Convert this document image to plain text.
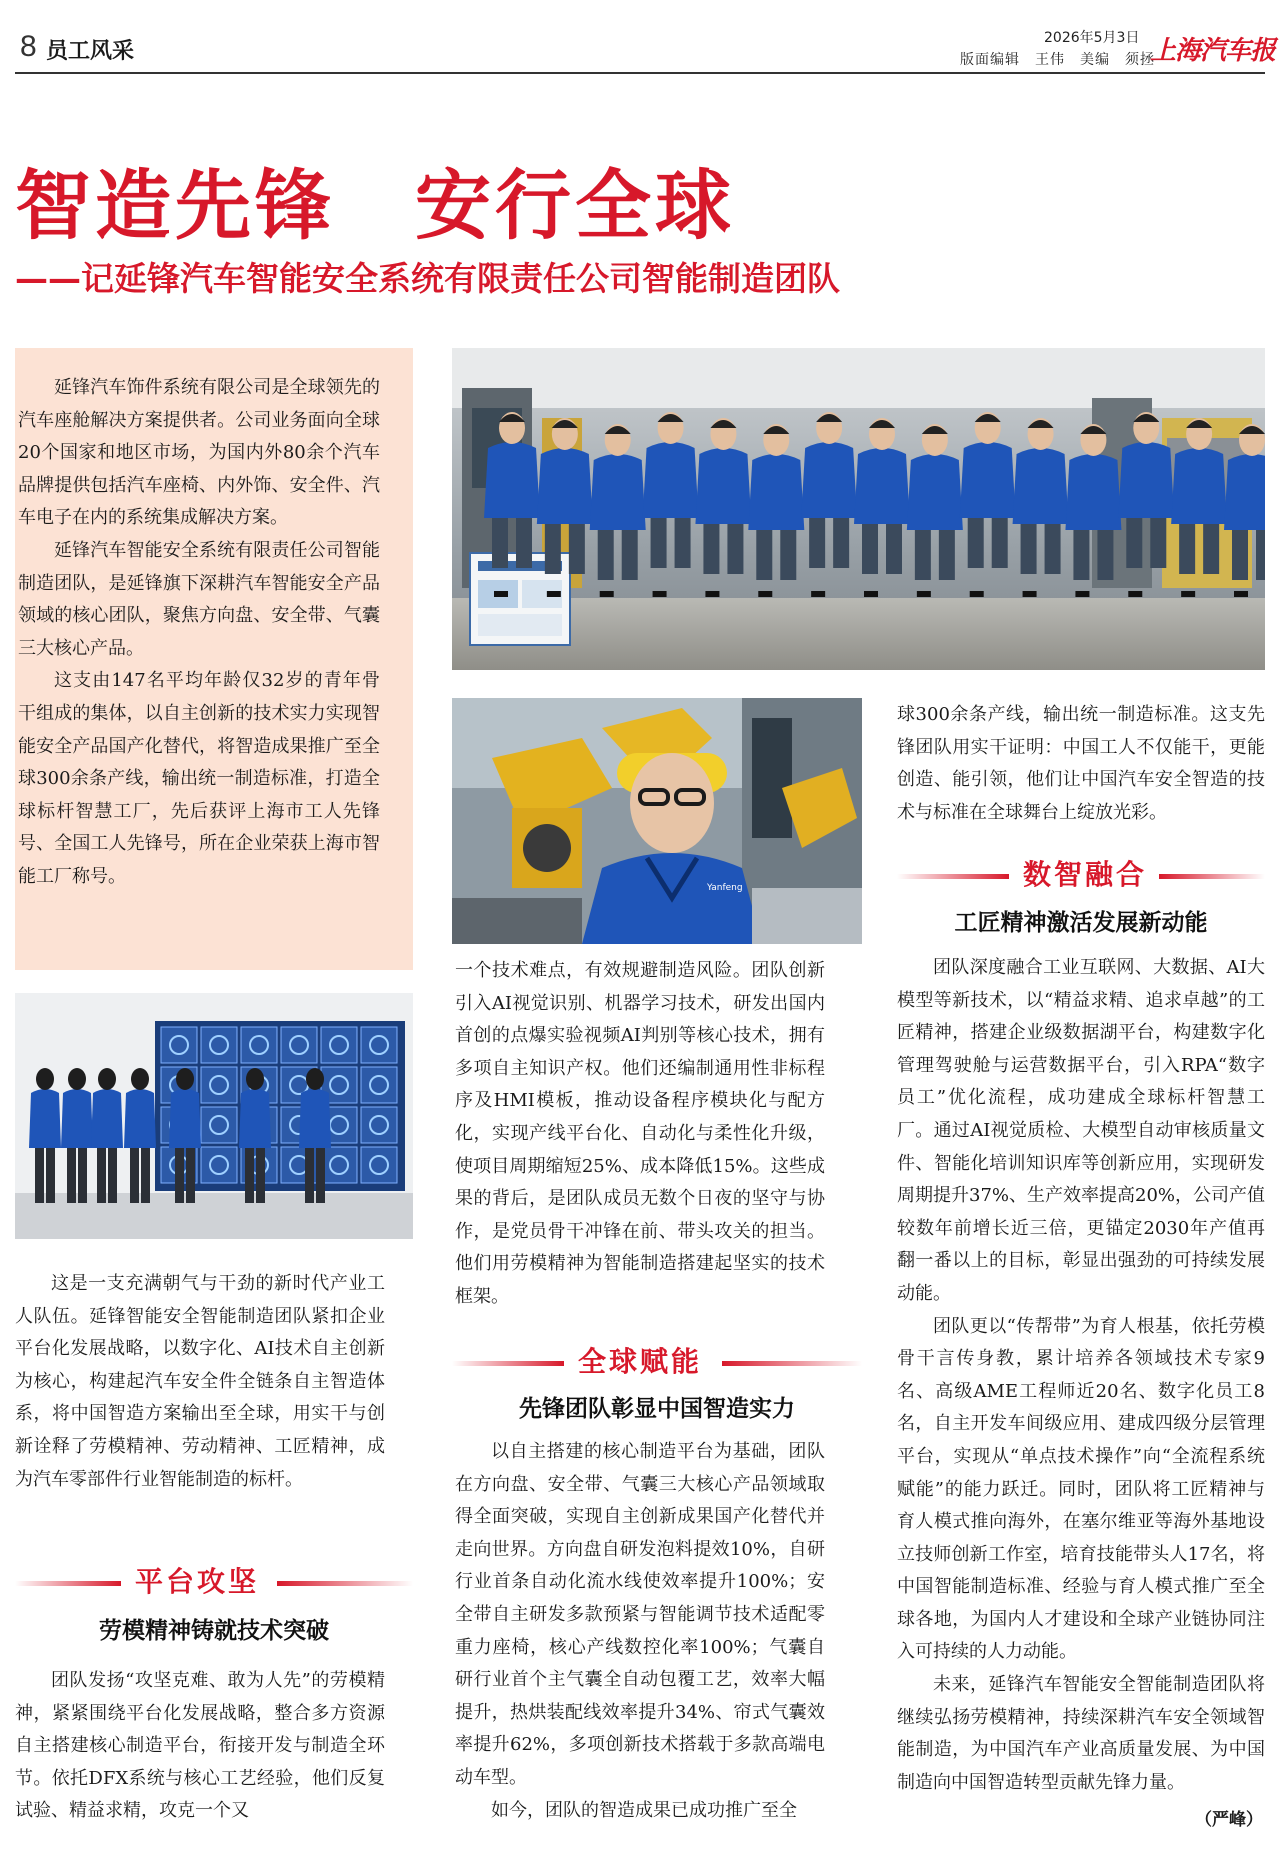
8 员工风采
2026年5月3日
版面编辑　王伟　美编　须拯
上海汽车报
智造先锋　安行全球
——记延锋汽车智能安全系统有限责任公司智能制造团队

延锋汽车饰件系统有限公司是全球领先的汽车座舱解决方案提供者。公司业务面向全球20个国家和地区市场，为国内外80余个汽车品牌提供包括汽车座椅、内外饰、安全件、汽车电子在内的系统集成解决方案。

延锋汽车智能安全系统有限责任公司智能制造团队，是延锋旗下深耕汽车智能安全产品领域的核心团队，聚焦方向盘、安全带、气囊三大核心产品。

这支由147名平均年龄仅32岁的青年骨干组成的集体，以自主创新的技术实力实现智能安全产品国产化替代，将智造成果推广至全球300余条产线，输出统一制造标准，打造全球标杆智慧工厂，先后获评上海市工人先锋号、全国工人先锋号，所在企业荣获上海市智能工厂称号。

Yanfeng

这是一支充满朝气与干劲的新时代产业工人队伍。延锋智能安全智能制造团队紧扣企业平台化发展战略，以数字化、AI技术自主创新为核心，构建起汽车安全件全链条自主智造体系，将中国智造方案输出至全球，用实干与创新诠释了劳模精神、劳动精神、工匠精神，成为汽车零部件行业智能制造的标杆。

平台攻坚
劳模精神铸就技术突破

团队发扬“攻坚克难、敢为人先”的劳模精神，紧紧围绕平台化发展战略，整合多方资源自主搭建核心制造平台，衔接开发与制造全环节。依托DFX系统与核心工艺经验，他们反复试验、精益求精，攻克一个又

一个技术难点，有效规避制造风险。团队创新引入AI视觉识别、机器学习技术，研发出国内首创的点爆实验视频AI判别等核心技术，拥有多项自主知识产权。他们还编制通用性非标程序及HMI模板，推动设备程序模块化与配方化，实现产线平台化、自动化与柔性化升级，使项目周期缩短25%、成本降低15%。这些成果的背后，是团队成员无数个日夜的坚守与协作，是党员骨干冲锋在前、带头攻关的担当。他们用劳模精神为智能制造搭建起坚实的技术框架。

全球赋能
先锋团队彰显中国智造实力

以自主搭建的核心制造平台为基础，团队在方向盘、安全带、气囊三大核心产品领域取得全面突破，实现自主创新成果国产化替代并走向世界。方向盘自研发泡料提效10%，自研行业首条自动化流水线使效率提升100%；安全带自主研发多款预紧与智能调节技术适配零重力座椅，核心产线数控化率100%；气囊自研行业首个主气囊全自动包覆工艺，效率大幅提升，热烘装配线效率提升34%、帘式气囊效率提升62%，多项创新技术搭载于多款高端电动车型。

如今，团队的智造成果已成功推广至全

球300余条产线，输出统一制造标准。这支先锋团队用实干证明：中国工人不仅能干，更能创造、能引领，他们让中国汽车安全智造的技术与标准在全球舞台上绽放光彩。

数智融合
工匠精神激活发展新动能

团队深度融合工业互联网、大数据、AI大模型等新技术，以“精益求精、追求卓越”的工匠精神，搭建企业级数据湖平台，构建数字化管理驾驶舱与运营数据平台，引入RPA“数字员工”优化流程，成功建成全球标杆智慧工厂。通过AI视觉质检、大模型自动审核质量文件、智能化培训知识库等创新应用，实现研发周期提升37%、生产效率提高20%，公司产值较数年前增长近三倍，更锚定2030年产值再翻一番以上的目标，彰显出强劲的可持续发展动能。

团队更以“传帮带”为育人根基，依托劳模骨干言传身教，累计培养各领域技术专家9名、高级AME工程师近20名、数字化员工8名，自主开发车间级应用、建成四级分层管理平台，实现从“单点技术操作”向“全流程系统赋能”的能力跃迁。同时，团队将工匠精神与育人模式推向海外，在塞尔维亚等海外基地设立技师创新工作室，培育技能带头人17名，将中国智能制造标准、经验与育人模式推广至全球各地，为国内人才建设和全球产业链协同注入可持续的人力动能。

未来，延锋汽车智能安全智能制造团队将继续弘扬劳模精神，持续深耕汽车安全领域智能制造，为中国汽车产业高质量发展、为中国制造向中国智造转型贡献先锋力量。

（严峰）
